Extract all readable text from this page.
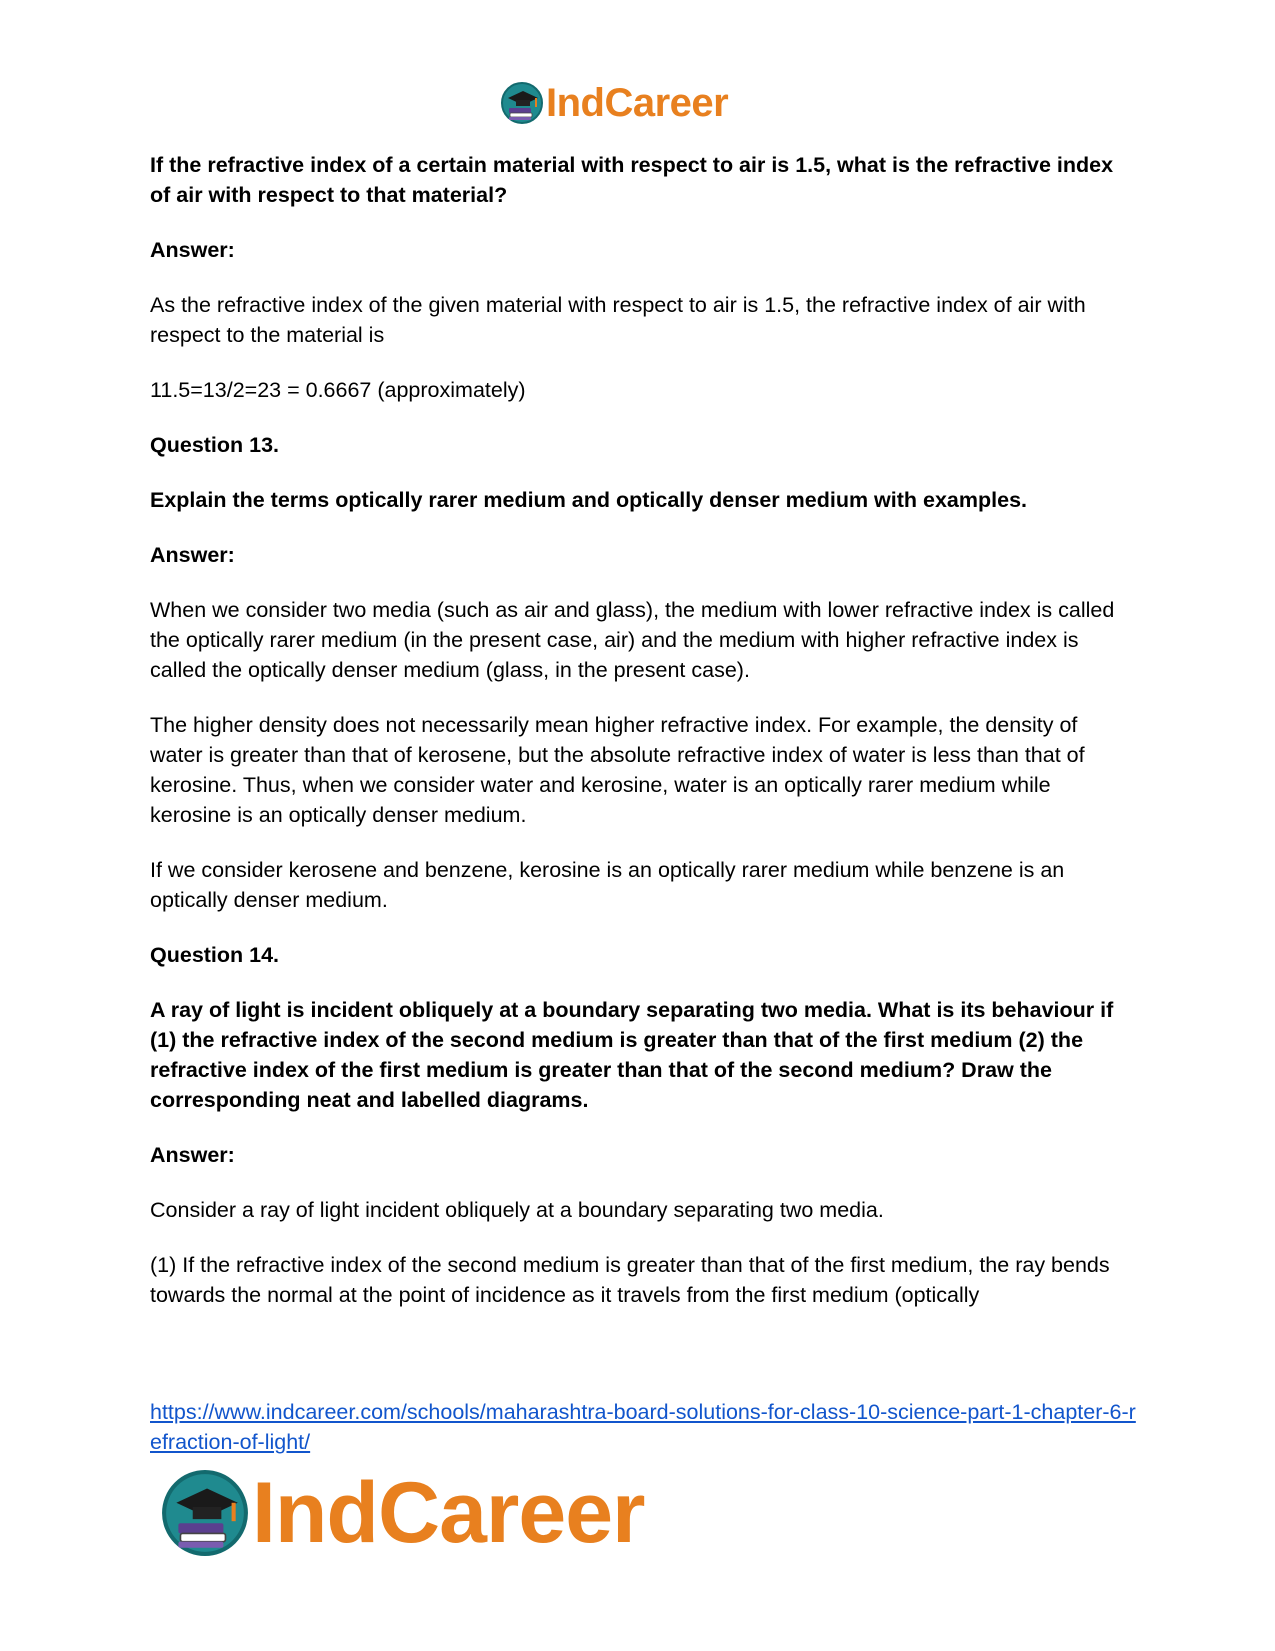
IndCareer

If the refractive index of a certain material with respect to air is 1.5, what is the refractive index of air with respect to that material?

Answer:

As the refractive index of the given material with respect to air is 1.5, the refractive index of air with respect to the material is

11.5=13/2=23 = 0.6667 (approximately)

Question 13.

Explain the terms optically rarer medium and optically denser medium with examples.

Answer:

When we consider two media (such as air and glass), the medium with lower refractive index is called the optically rarer medium (in the present case, air) and the medium with higher refractive index is called the optically denser medium (glass, in the present case).

The higher density does not necessarily mean higher refractive index. For example, the density of water is greater than that of kerosene, but the absolute refractive index of water is less than that of kerosine. Thus, when we consider water and kerosine, water is an optically rarer medium while kerosine is an optically denser medium.

If we consider kerosene and benzene, kerosine is an optically rarer medium while benzene is an optically denser medium.

Question 14.

A ray of light is incident obliquely at a boundary separating two media. What is its behaviour if (1) the refractive index of the second medium is greater than that of the first medium (2) the refractive index of the first medium is greater than that of the second medium? Draw the corresponding neat and labelled diagrams.

Answer:

Consider a ray of light incident obliquely at a boundary separating two media.

(1) If the refractive index of the second medium is greater than that of the first medium, the ray bends towards the normal at the point of incidence as it travels from the first medium (optically

https://www.indcareer.com/schools/maharashtra-board-solutions-for-class-10-science-part-1-chapter-6-refraction-of-light/
IndCareer
